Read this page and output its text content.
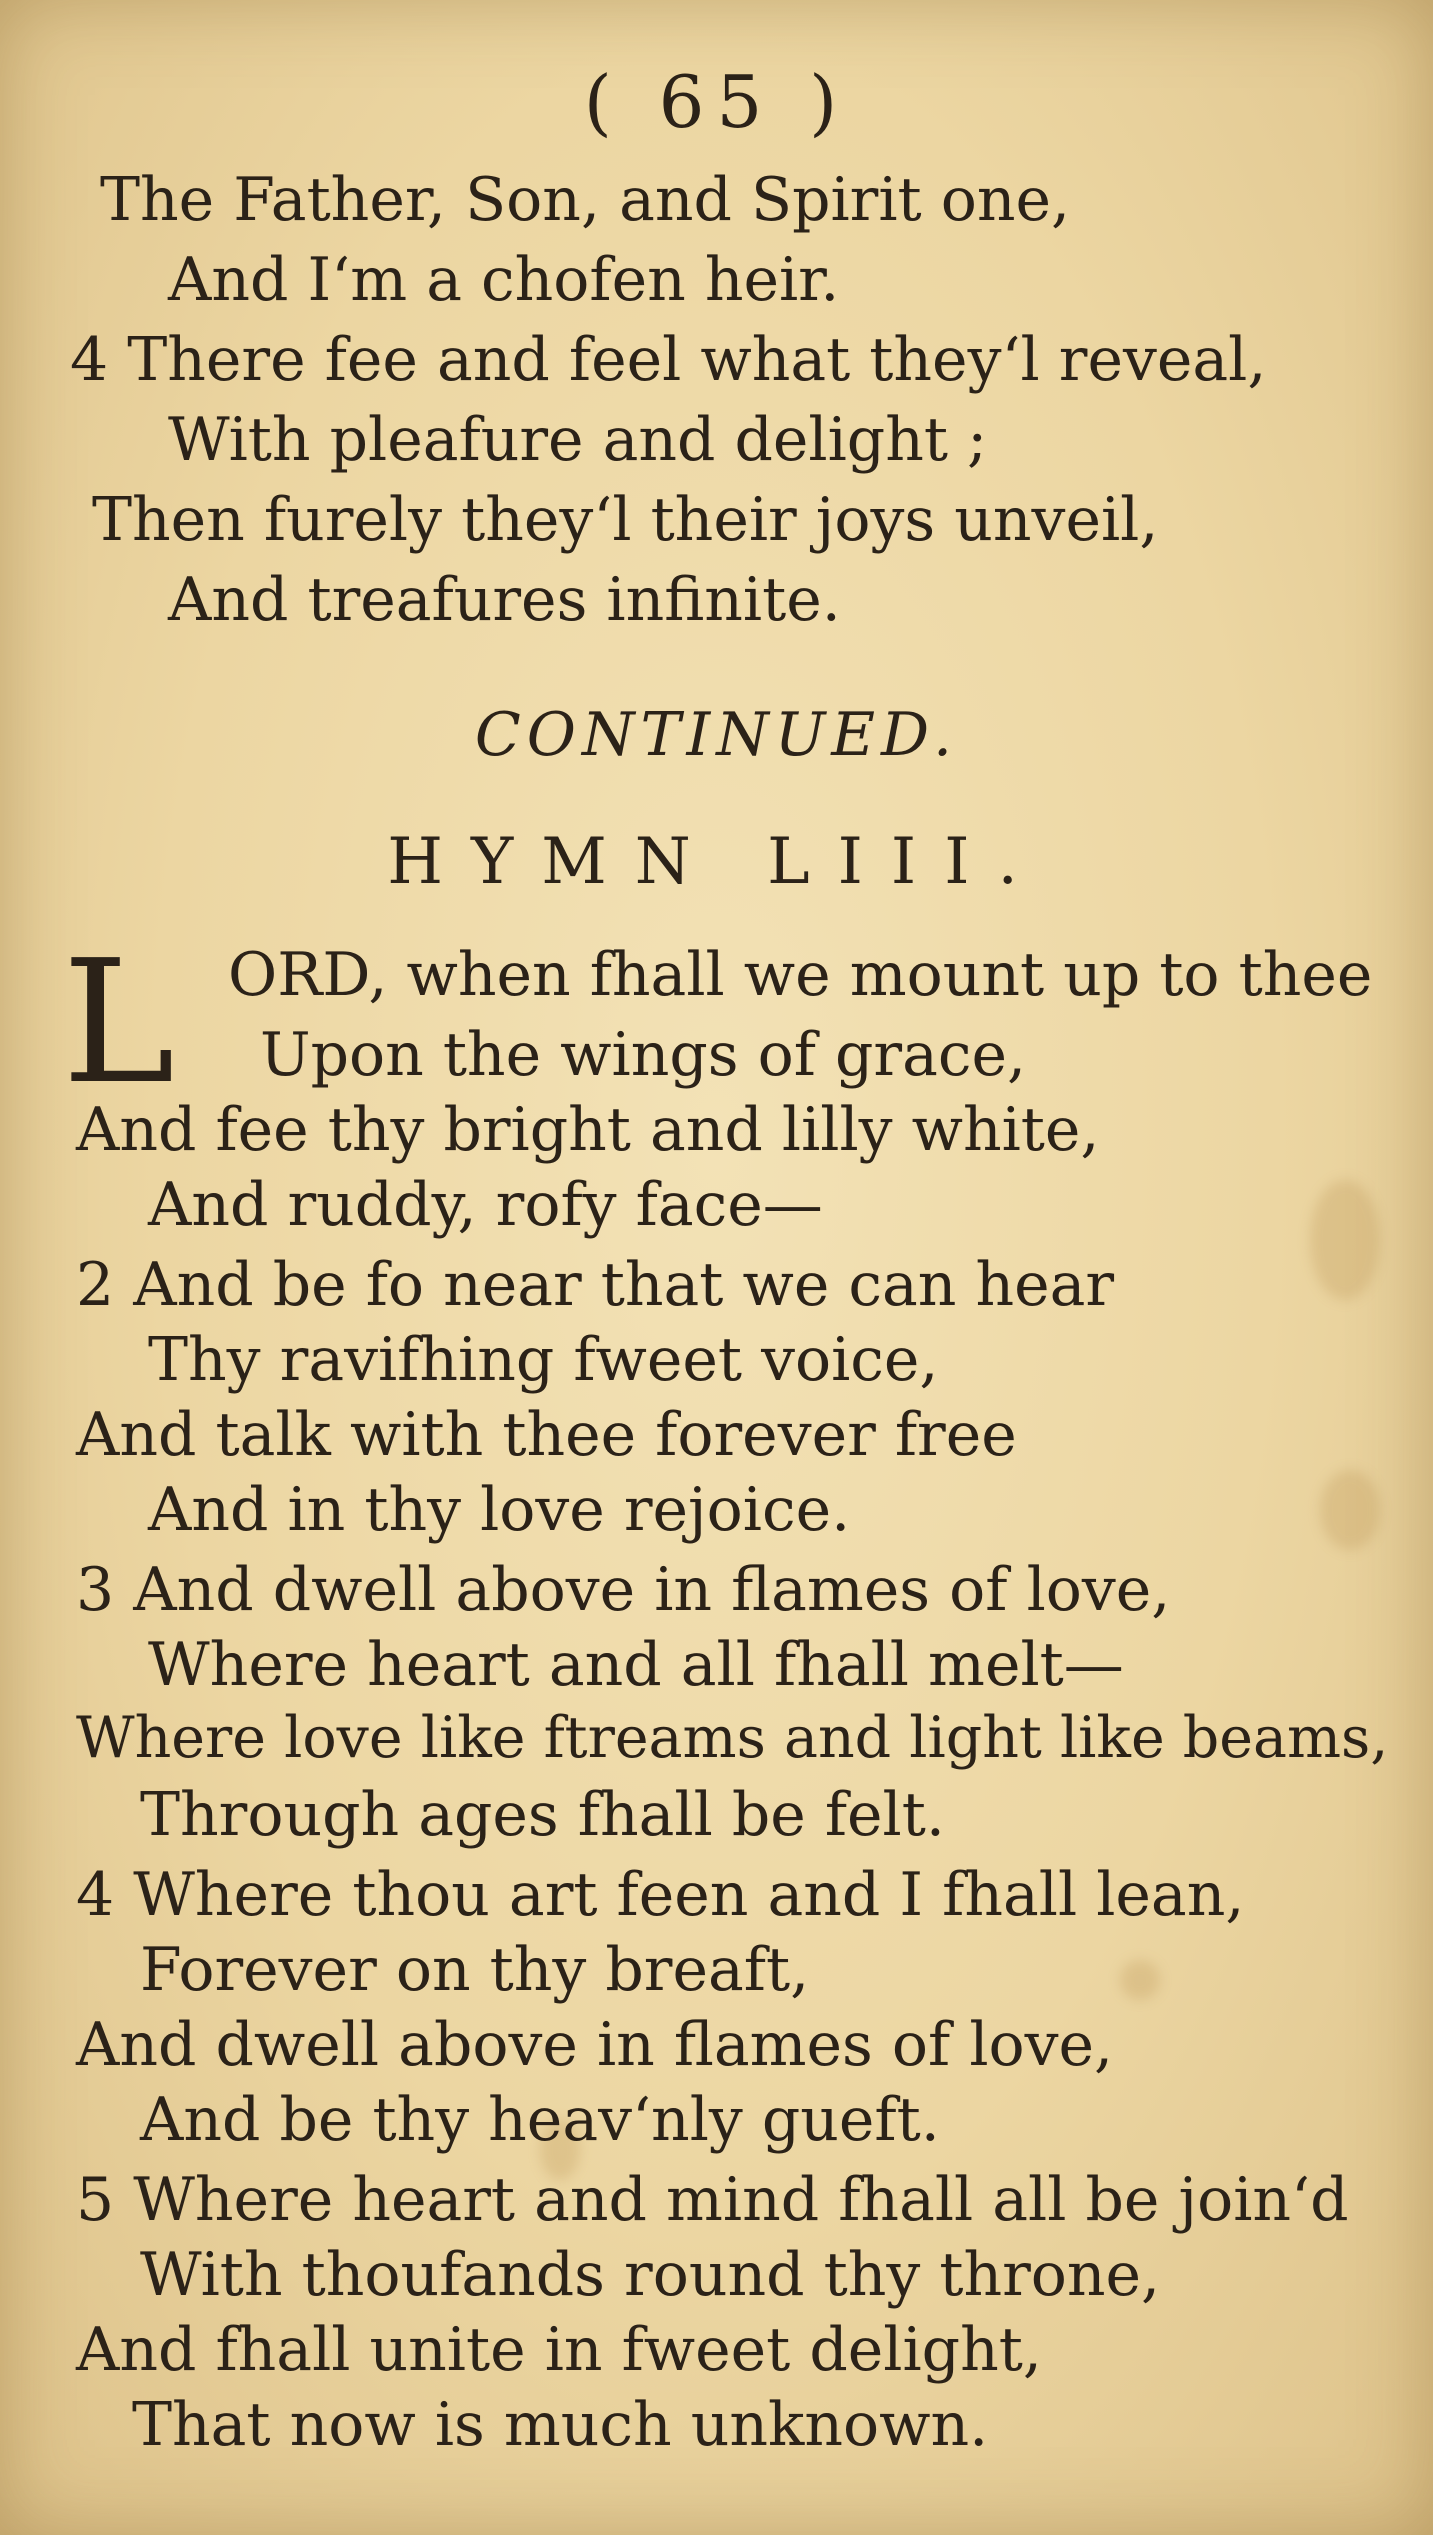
( 65 )
The Father, Son, and Spirit one,
And I‘m a chofen heir.
4 There fee and feel what they‘l reveal,
With pleafure and delight ;
Then furely they‘l their joys unveil,
And treafures infinite.
CONTINUED.
HYMN LIII.
L ORD, when fhall we mount up to thee
Upon the wings of grace,
And fee thy bright and lilly white,
And ruddy, rofy face—
2 And be fo near that we can hear
Thy ravifhing fweet voice,
And talk with thee forever free
And in thy love rejoice.
3 And dwell above in flames of love,
Where heart and all fhall melt—
Where love like ftreams and light like beams,
Through ages fhall be felt.
4 Where thou art feen and I fhall lean,
Forever on thy breaft,
And dwell above in flames of love,
And be thy heav‘nly gueft.
5 Where heart and mind fhall all be join‘d
With thoufands round thy throne,
And fhall unite in fweet delight,
That now is much unknown.
